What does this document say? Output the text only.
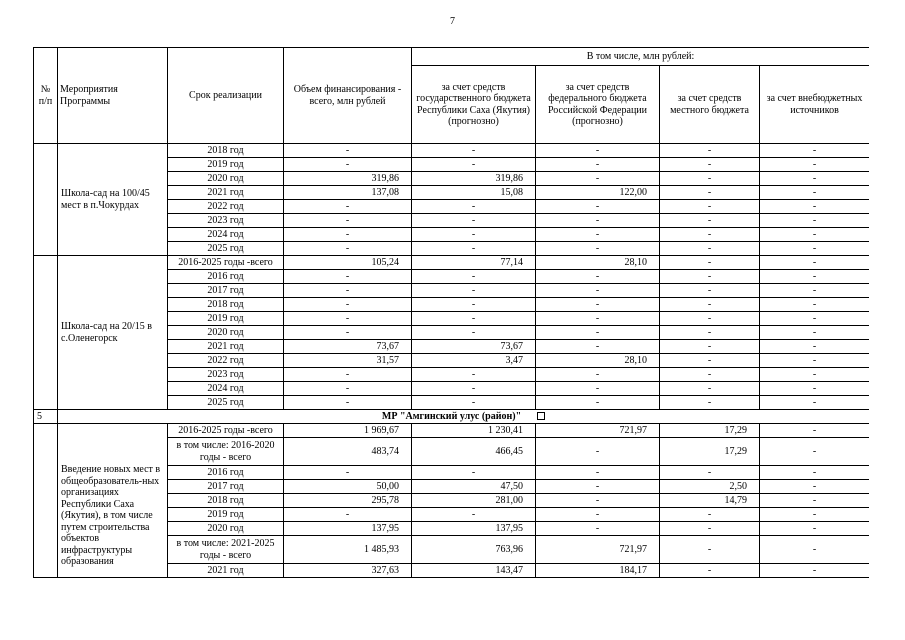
7
№ п/п	Мероприятия Программы	Срок реализации	Объем финансирования - всего, млн рублей	В том числе, млн рублей:			
				за счет средств государственного бюджета Республики Саха (Якутия) (прогнозно)	за счет средств федерального бюджета Российской Федерации (прогнозно)	за счет средств местного бюджета	за счет внебюджетных источников
	Школа-сад на 100/45 мест в п.Чокурдах	2018 год	-	-	-	-	-
		2019 год	-	-	-	-	-
		2020 год	319,86	319,86	-	-	-
		2021 год	137,08	15,08	122,00	-	-
		2022 год	-	-	-	-	-
		2023 год	-	-	-	-	-
		2024 год	-	-	-	-	-
		2025 год	-	-	-	-	-
	Школа-сад на 20/15 в с.Оленегорск	2016-2025 годы -всего	105,24	77,14	28,10	-	-
		2016 год	-	-	-	-	-
		2017 год	-	-	-	-	-
		2018 год	-	-	-	-	-
		2019 год	-	-	-	-	-
		2020 год	-	-	-	-	-
		2021 год	73,67	73,67	-	-	-
		2022 год	31,57	3,47	28,10	-	-
		2023 год	-	-	-	-	-
		2024 год	-	-	-	-	-
		2025 год	-	-	-	-	-
5	МР "Амгинский улус (район)"						
	Введение новых мест в общеобразователь-ных организациях Республики Саха (Якутия), в том числе путем строительства объектов инфраструктуры образования	2016-2025 годы -всего	1 969,67	1 230,41	721,97	17,29	-
		в том числе: 2016-2020 годы - всего	483,74	466,45	-	17,29	-
		2016 год	-	-	-	-	-
		2017 год	50,00	47,50	-	2,50	-
		2018 год	295,78	281,00	-	14,79	-
		2019 год	-	-	-	-	-
		2020 год	137,95	137,95	-	-	-
		в том числе: 2021-2025 годы - всего	1 485,93	763,96	721,97	-	-
		2021 год	327,63	143,47	184,17	-	-
